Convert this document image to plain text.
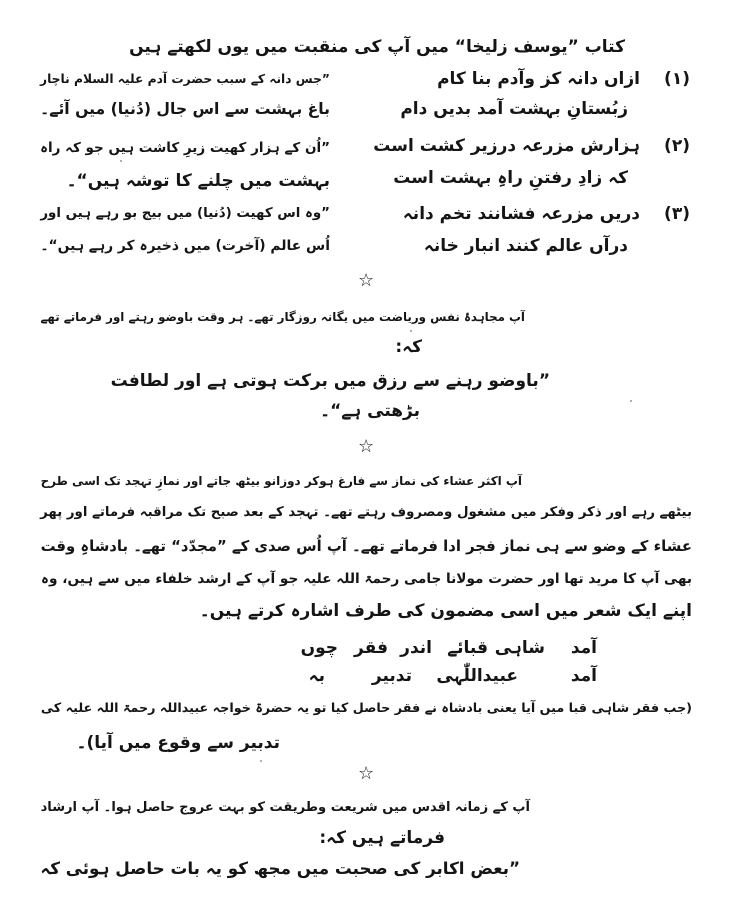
کتاب ”یوسف زلیخا“ میں آپ کی منقبت میں یوں لکھتے ہیں
(۱)
ازاں دانہ کز وآدم بنا کام
زبُستانِ بہشت آمد بدیں دام
”جس دانہ کے سبب حضرت آدم علیہ السلام ناچار
باغ بہشت سے اس جال (دُنیا) میں آئے۔
(۲)
ہزارش مزرعہ درزیر کشت است
کہ زادِ رفتنِ راہِ بہشت است
”اُن کے ہزار کھیت زیرِ کاشت ہیں جو کہ راہ
بہشت میں چلنے کا توشہ ہیں“۔
(۳)
دریں مزرعہ فشانند تخم دانہ
درآں عالم کنند انبار خانہ
”وہ اس کھیت (دُنیا) میں بیج بو رہے ہیں اور
اُس عالم (آخرت) میں ذخیرہ کر رہے ہیں“۔
☆
آپ مجاہدۂ نفس وریاضت میں یگانہ روزگار تھے۔ ہر وقت باوضو رہتے اور فرماتے تھے
کہ:
”باوضو رہنے سے رزق میں برکت ہوتی ہے اور لطافت
بڑھتی ہے“۔
☆
آپ اکثر عشاء کی نماز سے فارغ ہوکر دوزانو بیٹھ جاتے اور نمازِ تہجد تک اسی طرح
بیٹھے رہے اور ذکر وفکر میں مشغول ومصروف رہتے تھے۔ تہجد کے بعد صبح تک مراقبہ فرماتے اور پھر
عشاء کے وضو سے ہی نماز فجر ادا فرماتے تھے۔ آپ اُس صدی کے ”مجدّد“ تھے۔ بادشاہِ وقت
بھی آپ کا مرید تھا اور حضرت مولانا جامی رحمۃ اللہ علیہ جو آپ کے ارشد خلفاء میں سے ہیں، وہ
اپنے ایک شعر میں اسی مضمون کی طرف اشارہ کرتے ہیں۔
چوں فقر اندر قبائے شاہی آمد
بہ	تدبیر عبیداللّٰہی	آمد
(جب فقر شاہی قبا میں آیا یعنی بادشاہ نے فقر حاصل کیا تو یہ حضرۃ خواجہ عبیداللہ رحمۃ اللہ علیہ کی
تدبیر سے وقوع میں آیا)۔
☆
آپ کے زمانہ اقدس میں شریعت وطریقت کو بہت عروج حاصل ہوا۔ آپ ارشاد
فرماتے ہیں کہ:
”بعض اکابر کی صحبت میں مجھ کو یہ بات حاصل ہوئی کہ
